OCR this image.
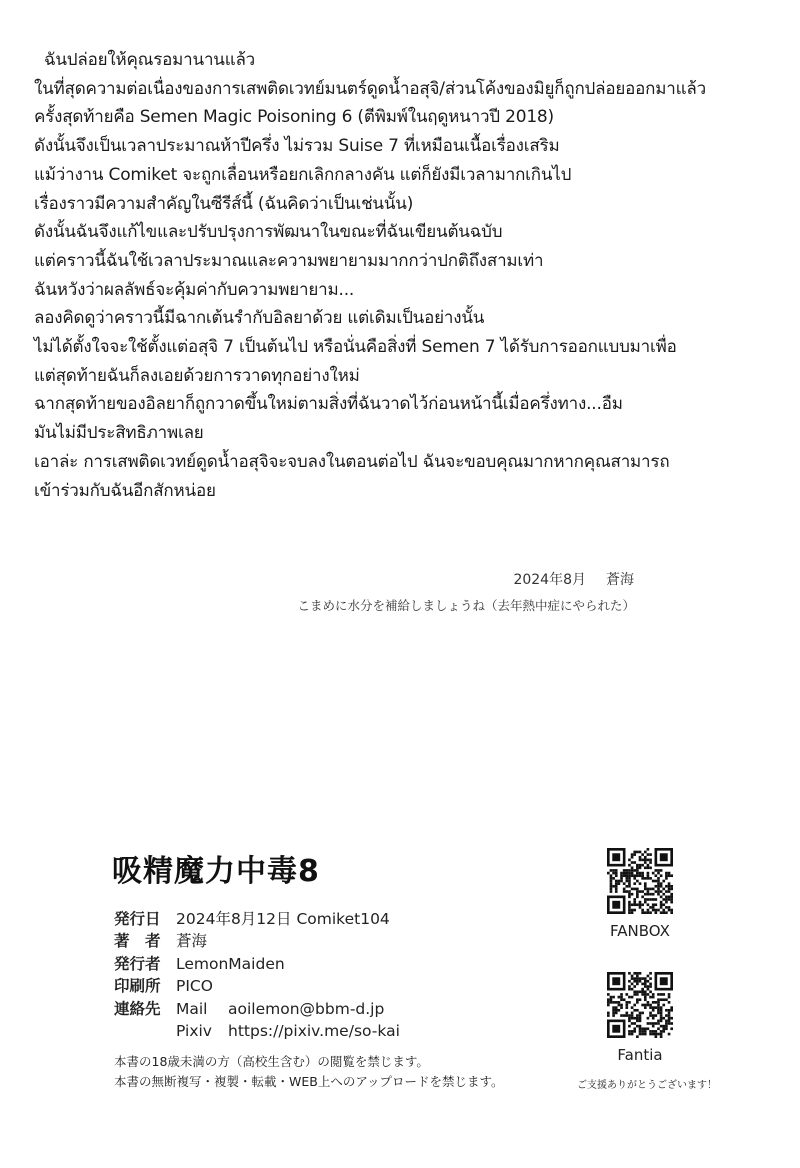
ฉันปล่อยให้คุณรอมานานแล้ว
ในที่สุดความต่อเนื่องของการเสพติดเวทย์มนตร์ดูดน้ำอสุจิ/ส่วนโค้งของมิยูก็ถูกปล่อยออกมาแล้ว
ครั้งสุดท้ายคือ Semen Magic Poisoning 6 (ตีพิมพ์ในฤดูหนาวปี 2018)
ดังนั้นจึงเป็นเวลาประมาณห้าปีครึ่ง ไม่รวม Suise 7 ที่เหมือนเนื้อเรื่องเสริม
แม้ว่างาน Comiket จะถูกเลื่อนหรือยกเลิกกลางคัน แต่ก็ยังมีเวลามากเกินไป
เรื่องราวมีความสำคัญในซีรีส์นี้ (ฉันคิดว่าเป็นเช่นนั้น)
ดังนั้นฉันจึงแก้ไขและปรับปรุงการพัฒนาในขณะที่ฉันเขียนต้นฉบับ
แต่คราวนี้ฉันใช้เวลาประมาณและความพยายามมากกว่าปกติถึงสามเท่า
ฉันหวังว่าผลลัพธ์จะคุ้มค่ากับความพยายาม...
ลองคิดดูว่าคราวนี้มีฉากเต้นรำกับอิลยาด้วย แต่เดิมเป็นอย่างนั้น
ไม่ได้ตั้งใจจะใช้ตั้งแต่อสุจิ 7 เป็นต้นไป หรือนั่นคือสิ่งที่ Semen 7 ได้รับการออกแบบมาเพื่อ
แต่สุดท้ายฉันก็ลงเอยด้วยการวาดทุกอย่างใหม่
ฉากสุดท้ายของอิลยาก็ถูกวาดขึ้นใหม่ตามสิ่งที่ฉันวาดไว้ก่อนหน้านี้เมื่อครึ่งทาง...อืม
มันไม่มีประสิทธิภาพเลย
เอาล่ะ การเสพติดเวทย์ดูดน้ำอสุจิจะจบลงในตอนต่อไป ฉันจะขอบคุณมากหากคุณสามารถ
เข้าร่วมกับฉันอีกสักหน่อย
2024年8月 蒼海
こまめに水分を補給しましょうね（去年熱中症にやられた）
吸精魔力中毒8
発行日 2024年8月12日 Comiket104
著　者 蒼海
発行者 LemonMaiden
印刷所 PICO
連絡先 Mail aoilemon@bbm-d.jp
Pixiv https://pixiv.me/so-kai
本書の18歳未満の方（高校生含む）の閲覧を禁じます。
本書の無断複写・複製・転載・WEB上へのアップロードを禁じます。
FANBOX
Fantia
ご支援ありがとうございます！
